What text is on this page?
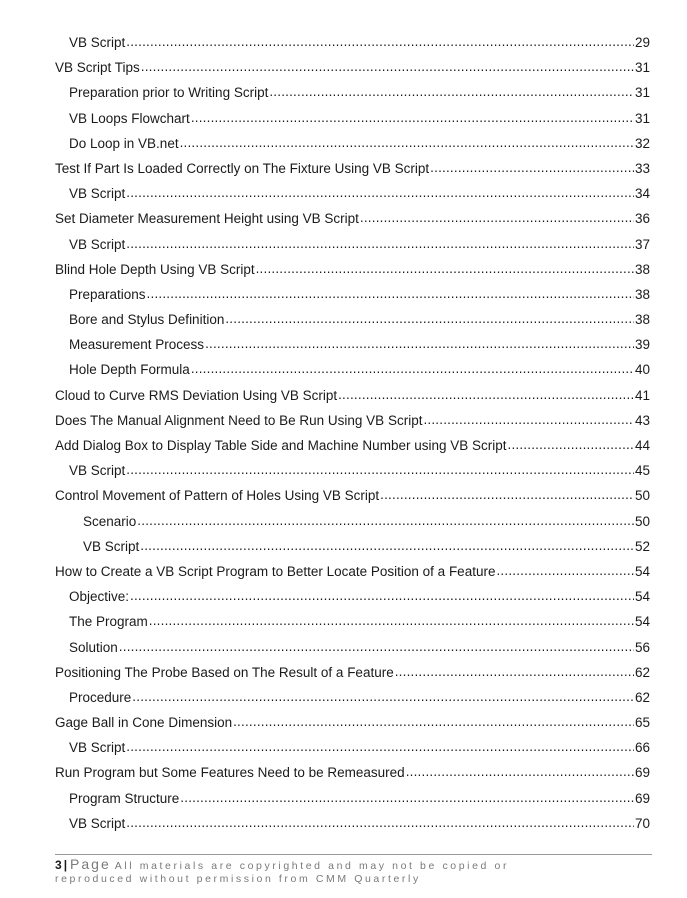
VB Script .....	29
VB Script Tips .....	31
Preparation prior to Writing Script .....	31
VB Loops Flowchart .....	31
Do Loop in VB.net .....	32
Test If Part Is Loaded Correctly on The Fixture Using VB Script .....	33
VB Script .....	34
Set Diameter Measurement Height using VB Script .....	36
VB Script .....	37
Blind Hole Depth Using VB Script .....	38
Preparations .....	38
Bore and Stylus Definition .....	38
Measurement Process .....	39
Hole Depth Formula .....	40
Cloud to Curve RMS Deviation Using VB Script .....	41
Does The Manual Alignment Need to Be Run Using VB Script .....	43
Add Dialog Box to Display Table Side and Machine Number using VB Script .....	44
VB Script .....	45
Control Movement of Pattern of Holes Using VB Script .....	50
Scenario .....	50
VB Script .....	52
How to Create a VB Script Program to Better Locate Position of a Feature .....	54
Objective: .....	54
The Program .....	54
Solution .....	56
Positioning The Probe Based on The Result of a Feature .....	62
Procedure .....	62
Gage Ball in Cone Dimension .....	65
VB Script .....	66
Run Program but Some Features Need to be Remeasured .....	69
Program Structure .....	69
VB Script .....	70
3 | Page All materials are copyrighted and may not be copied or
reproduced without permission from CMM Quarterly
